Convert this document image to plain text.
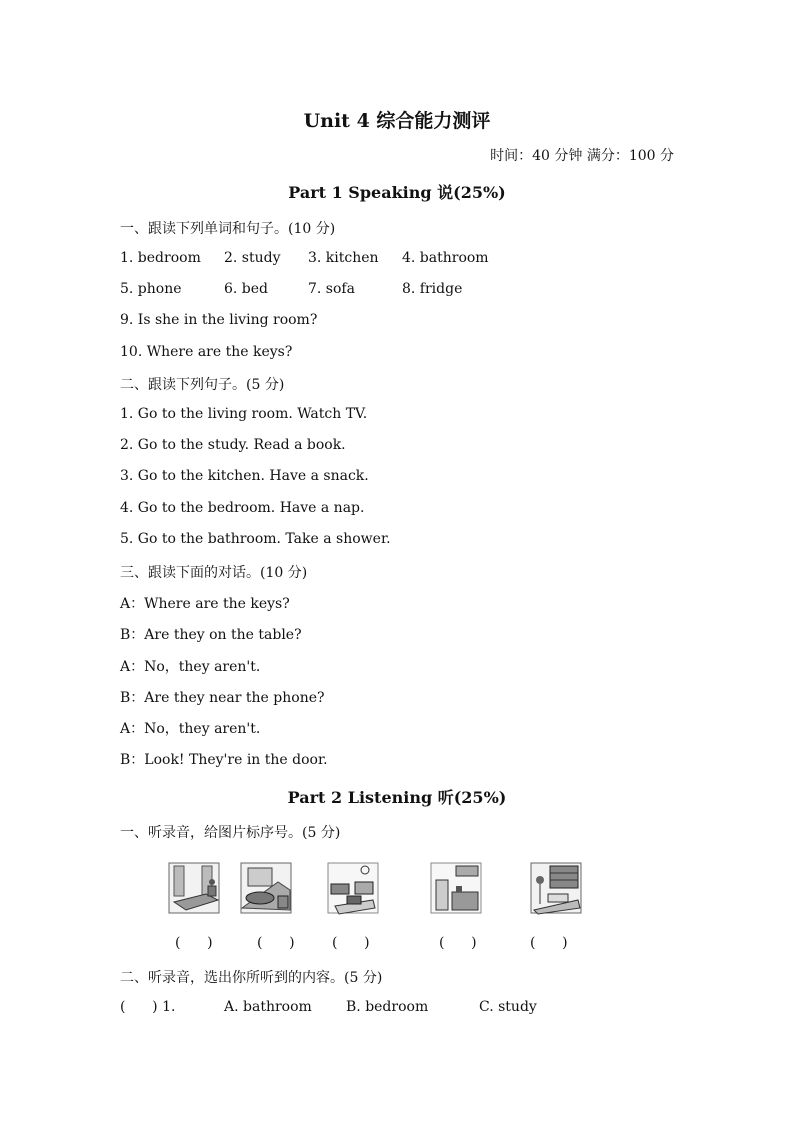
Unit 4 综合能力测评
时间：40 分钟 满分：100 分
Part 1 Speaking 说(25%)
一、跟读下列单词和句子。(10 分)
1. bedroom 2. study 3. kitchen 4. bathroom
5. phone	6. bed	7. sofa	8. fridge
9. Is she in the living room?
10. Where are the keys?
二、跟读下列句子。(5 分)
1. Go to the living room. Watch TV.
2. Go to the study. Read a book.
3. Go to the kitchen. Have a snack.
4. Go to the bedroom. Have a nap.
5. Go to the bathroom. Take a shower.
三、跟读下面的对话。(10 分)
A：Where are the keys?
B：Are they on the table?
A：No，they aren't.
B：Are they near the phone?
A：No，they aren't.
B：Look! They're in the door.
Part 2 Listening 听(25%)
一、听录音，给图片标序号。(5 分)
(      )	(      )	(      )	(      )	(      )
二、听录音，选出你所听到的内容。(5 分)
(      ) 1.	A. bathroom B. bedroom	C. study
